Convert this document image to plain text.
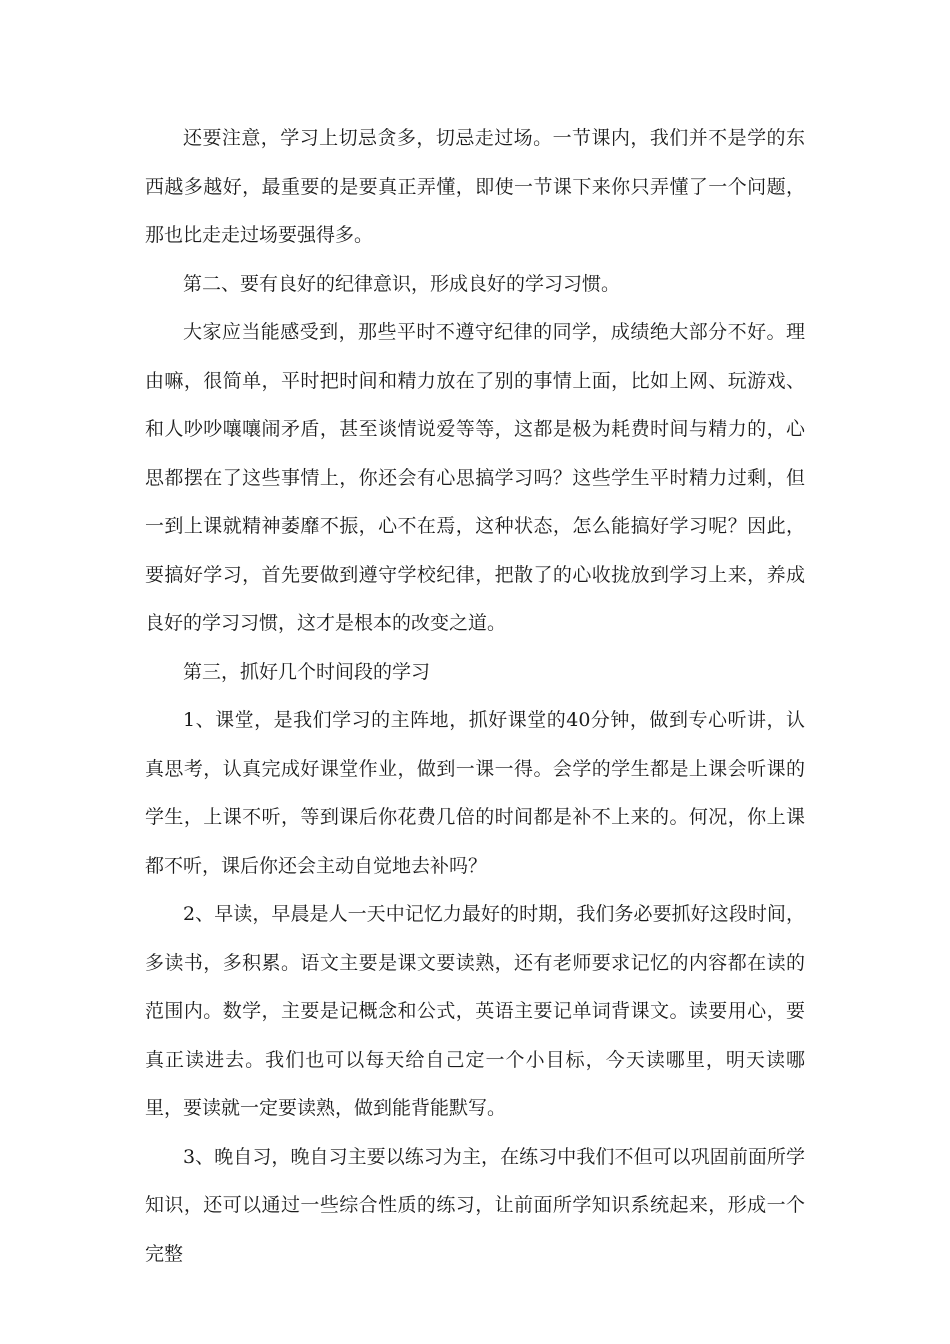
还要注意，学习上切忌贪多，切忌走过场。一节课内，我们并不是学的东西越多越好，最重要的是要真正弄懂，即使一节课下来你只弄懂了一个问题，那也比走走过场要强得多。

第二、要有良好的纪律意识，形成良好的学习习惯。

大家应当能感受到，那些平时不遵守纪律的同学，成绩绝大部分不好。理由嘛，很简单，平时把时间和精力放在了别的事情上面，比如上网、玩游戏、和人吵吵嚷嚷闹矛盾，甚至谈情说爱等等，这都是极为耗费时间与精力的，心思都摆在了这些事情上，你还会有心思搞学习吗？这些学生平时精力过剩，但一到上课就精神萎靡不振，心不在焉，这种状态，怎么能搞好学习呢？因此，要搞好学习，首先要做到遵守学校纪律，把散了的心收拢放到学习上来，养成良好的学习习惯，这才是根本的改变之道。

第三，抓好几个时间段的学习

1、课堂，是我们学习的主阵地，抓好课堂的40分钟，做到专心听讲，认真思考，认真完成好课堂作业，做到一课一得。会学的学生都是上课会听课的学生，上课不听，等到课后你花费几倍的时间都是补不上来的。何况，你上课都不听，课后你还会主动自觉地去补吗？

2、早读，早晨是人一天中记忆力最好的时期，我们务必要抓好这段时间，多读书，多积累。语文主要是课文要读熟，还有老师要求记忆的内容都在读的范围内。数学，主要是记概念和公式，英语主要记单词背课文。读要用心，要真正读进去。我们也可以每天给自己定一个小目标，今天读哪里，明天读哪里，要读就一定要读熟，做到能背能默写。

3、晚自习，晚自习主要以练习为主，在练习中我们不但可以巩固前面所学知识，还可以通过一些综合性质的练习，让前面所学知识系统起来，形成一个完整
